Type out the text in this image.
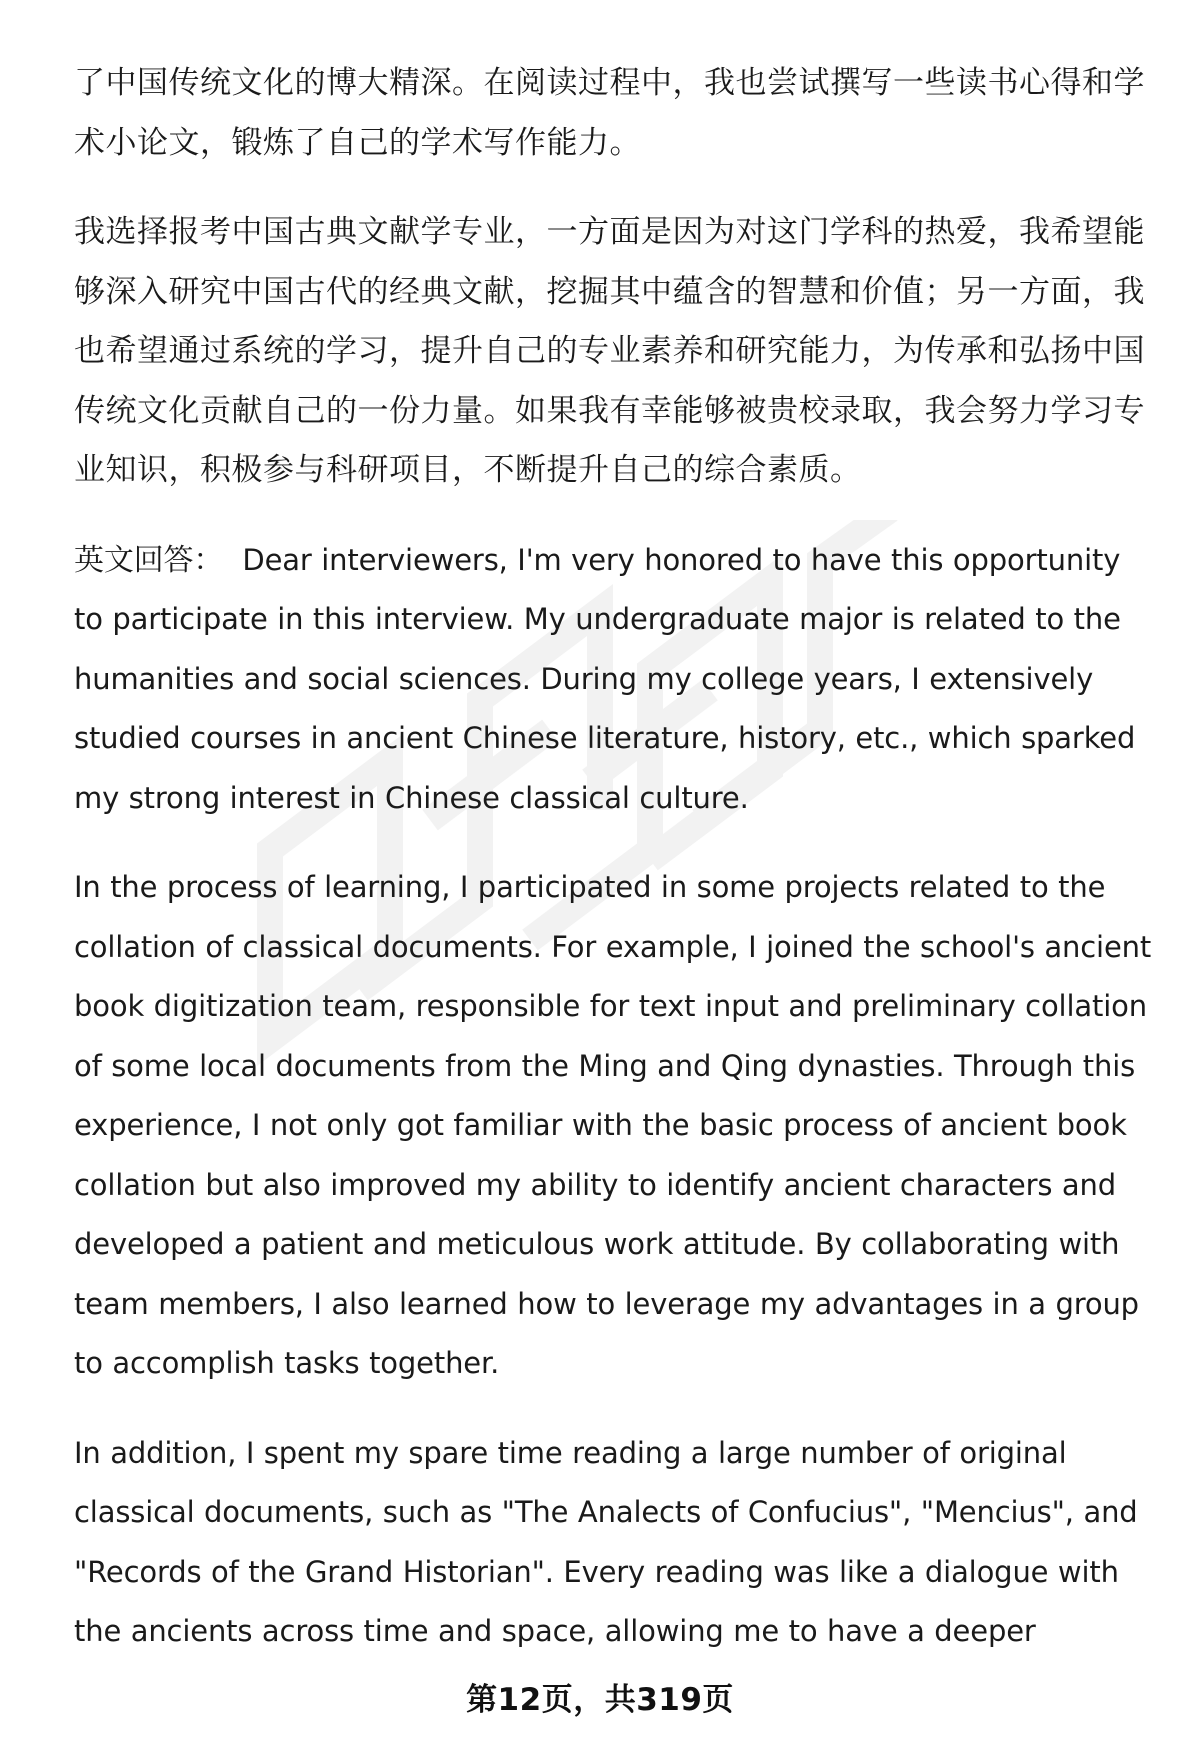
了中国传统文化的博大精深。在阅读过程中，我也尝试撰写一些读书心得和学术小论文，锻炼了自己的学术写作能力。

我选择报考中国古典文献学专业，一方面是因为对这门学科的热爱，我希望能够深入研究中国古代的经典文献，挖掘其中蕴含的智慧和价值；另一方面，我也希望通过系统的学习，提升自己的专业素养和研究能力，为传承和弘扬中国传统文化贡献自己的一份力量。如果我有幸能够被贵校录取，我会努力学习专业知识，积极参与科研项目，不断提升自己的综合素质。

英文回答： Dear interviewers, I'm very honored to have this opportunity to participate in this interview. My undergraduate major is related to the humanities and social sciences. During my college years, I extensively studied courses in ancient Chinese literature, history, etc., which sparked my strong interest in Chinese classical culture.

In the process of learning, I participated in some projects related to the collation of classical documents. For example, I joined the school's ancient book digitization team, responsible for text input and preliminary collation of some local documents from the Ming and Qing dynasties. Through this experience, I not only got familiar with the basic process of ancient book collation but also improved my ability to identify ancient characters and developed a patient and meticulous work attitude. By collaborating with team members, I also learned how to leverage my advantages in a group to accomplish tasks together.

In addition, I spent my spare time reading a large number of original classical documents, such as "The Analects of Confucius", "Mencius", and "Records of the Grand Historian". Every reading was like a dialogue with the ancients across time and space, allowing me to have a deeper

第12页，共319页
